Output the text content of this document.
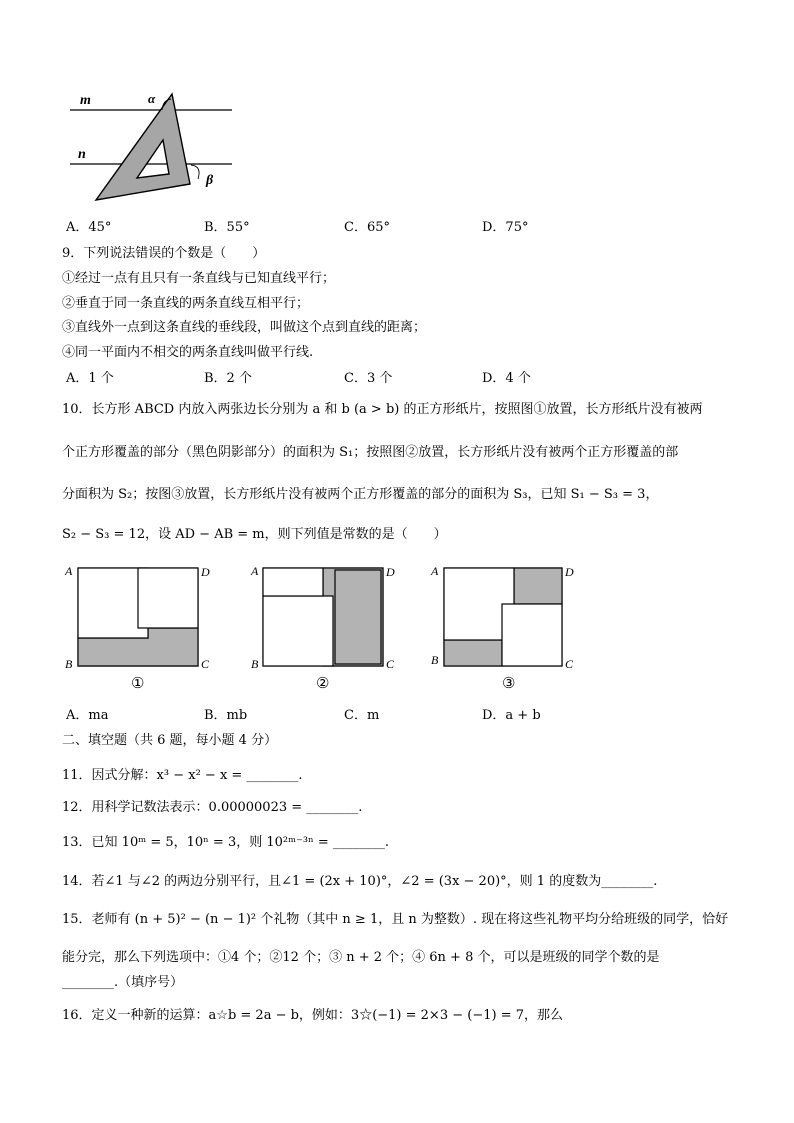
m
n
α
β
A．45°	B．55°	C．65°	D．75°
9．下列说法错误的个数是（　　）
①经过一点有且只有一条直线与已知直线平行；
②垂直于同一条直线的两条直线互相平行；
③直线外一点到这条直线的垂线段，叫做这个点到直线的距离；
④同一平面内不相交的两条直线叫做平行线.
A．1 个	B．2 个	C．3 个	D．4 个
10．长方形 ABCD 内放入两张边长分别为 a 和 b (a > b) 的正方形纸片，按照图①放置，长方形纸片没有被两
个正方形覆盖的部分（黑色阴影部分）的面积为 S₁；按照图②放置，长方形纸片没有被两个正方形覆盖的部
分面积为 S₂；按图③放置，长方形纸片没有被两个正方形覆盖的部分的面积为 S₃，已知 S₁ − S₃ = 3，
S₂ − S₃ = 12，设 AD − AB = m，则下列值是常数的是（　　）
A	D
B	C
①
A	D
B	C
②
A	D
B	C
③
A．ma	B．mb	C．m	D．a + b
二、填空题（共 6 题，每小题 4 分）
11．因式分解：x³ − x² − x = ________.
12．用科学记数法表示：0.00000023 = ________.
13．已知 10ᵐ = 5，10ⁿ = 3，则 10²ᵐ⁻³ⁿ = ________.
14．若∠1 与∠2 的两边分别平行，且∠1 = (2x + 10)°，∠2 = (3x − 20)°，则 1 的度数为________.
15．老师有 (n + 5)² − (n − 1)² 个礼物（其中 n ≥ 1，且 n 为整数）. 现在将这些礼物平均分给班级的同学，恰好
能分完，那么下列选项中：①4 个；②12 个；③ n + 2 个；④ 6n + 8 个，可以是班级的同学个数的是
________.（填序号）
16．定义一种新的运算：a☆b = 2a − b，例如：3☆(−1) = 2×3 − (−1) = 7，那么
